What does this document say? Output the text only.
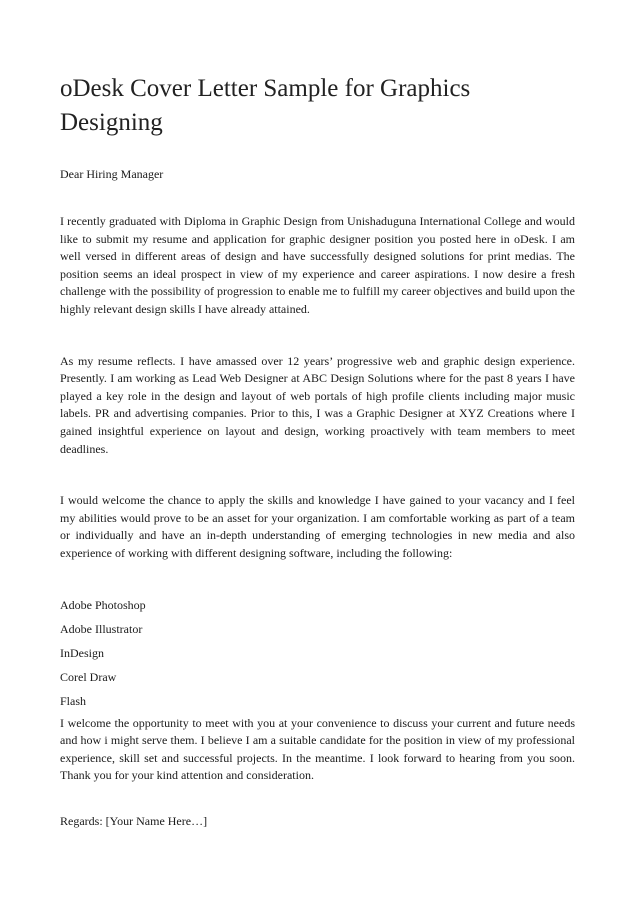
oDesk Cover Letter Sample for Graphics Designing

Dear Hiring Manager

I recently graduated with Diploma in Graphic Design from Unishaduguna International College and would like to submit my resume and application for graphic designer position you posted here in oDesk. I am well versed in different areas of design and have successfully designed solutions for print medias. The position seems an ideal prospect in view of my experience and career aspirations. I now desire a fresh challenge with the possibility of progression to enable me to fulfill my career objectives and build upon the highly relevant design skills I have already attained.

As my resume reflects. I have amassed over 12 years’ progressive web and graphic design experience. Presently. I am working as Lead Web Designer at ABC Design Solutions where for the past 8 years I have played a key role in the design and layout of web portals of high profile clients including major music labels. PR and advertising companies. Prior to this, I was a Graphic Designer at XYZ Creations where I gained insightful experience on layout and design, working proactively with team members to meet deadlines.

I would welcome the chance to apply the skills and knowledge I have gained to your vacancy and I feel my abilities would prove to be an asset for your organization. I am comfortable working as part of a team or individually and have an in-depth understanding of emerging technologies in new media and also experience of working with different designing software, including the following:

Adobe Photoshop
Adobe Illustrator
InDesign
Corel Draw
Flash

I welcome the opportunity to meet with you at your convenience to discuss your current and future needs and how i might serve them. I believe I am a suitable candidate for the position in view of my professional experience, skill set and successful projects. In the meantime. I look forward to hearing from you soon. Thank you for your kind attention and consideration.

Regards: [Your Name Here…]
